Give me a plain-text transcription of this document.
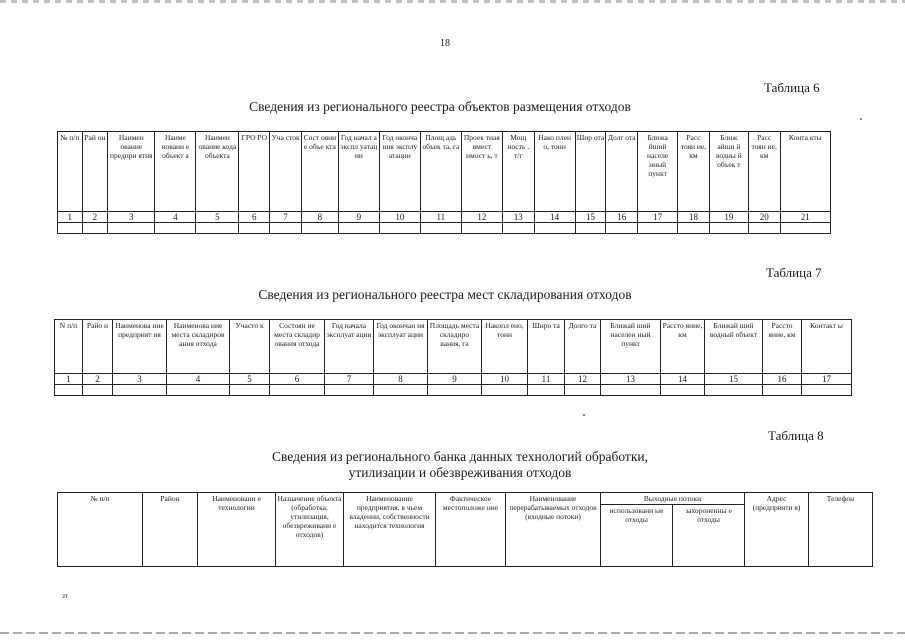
18
Таблица 6
Сведения из регионального реестра объектов размещения отходов
№ п/п	Рай он	Наимен ование предпри ятия	Наиме новани е объект а	Наимен ование кода объекта	ГРО РО	Уча сток	Сост ояни е объе кта	Год начал а экспл уатац ии	Год оконча ния эксплу атации	Площ адь объек та, га	Проек тная вмест имост ь, т	Мощ ность , т/г	Нако плен о, тонн	Шир ота	Долг ота	Ближа йший населе нный пункт	Расс тоян ие, км	Ближ айши й водны й объек т	Расс тоян ие, км	Конта кты
1	2	3	4	5	6	7	8	9	10	11	12	13	14	15	16	17	18	19	20	21

Таблица 7
Сведения из регионального реестра мест складирования отходов
N п/п	Райо н	Наименова ние предприят ия	Наименова ние места складиров ания отхода	Участо к	Состоян ие места складир ования отхода	Год начала эксплуат ации	Год окончан ия эксплуат ации	Площадь места складиро вания, га	Накопл ено, тонн	Широ та	Долго та	Ближай ший населен ный пункт	Рассто яние, км	Ближай ший водный объект	Рассто яние, км	Контакт ы
1	2	3	4	5	6	7	8	9	10	11	12	13	14	15	16	17

Таблица 8
Сведения из регионального банка данных технологий обработки,
утилизации и обезвреживания отходов
№ п/п	Район	Наименовани е технологии	Назначение объекта (обработка, утилизация, обезвреживани е отходов)	Наименование предприятия, в чьем владении, собственности находится технология	Фактическое местоположе ние	Наименование перерабатываемых отходов (входные потоки)	Выходные потоки		Адрес (предприяти я)	Телефон
							использованн ые отходы	захороненны е отходы		
зт
